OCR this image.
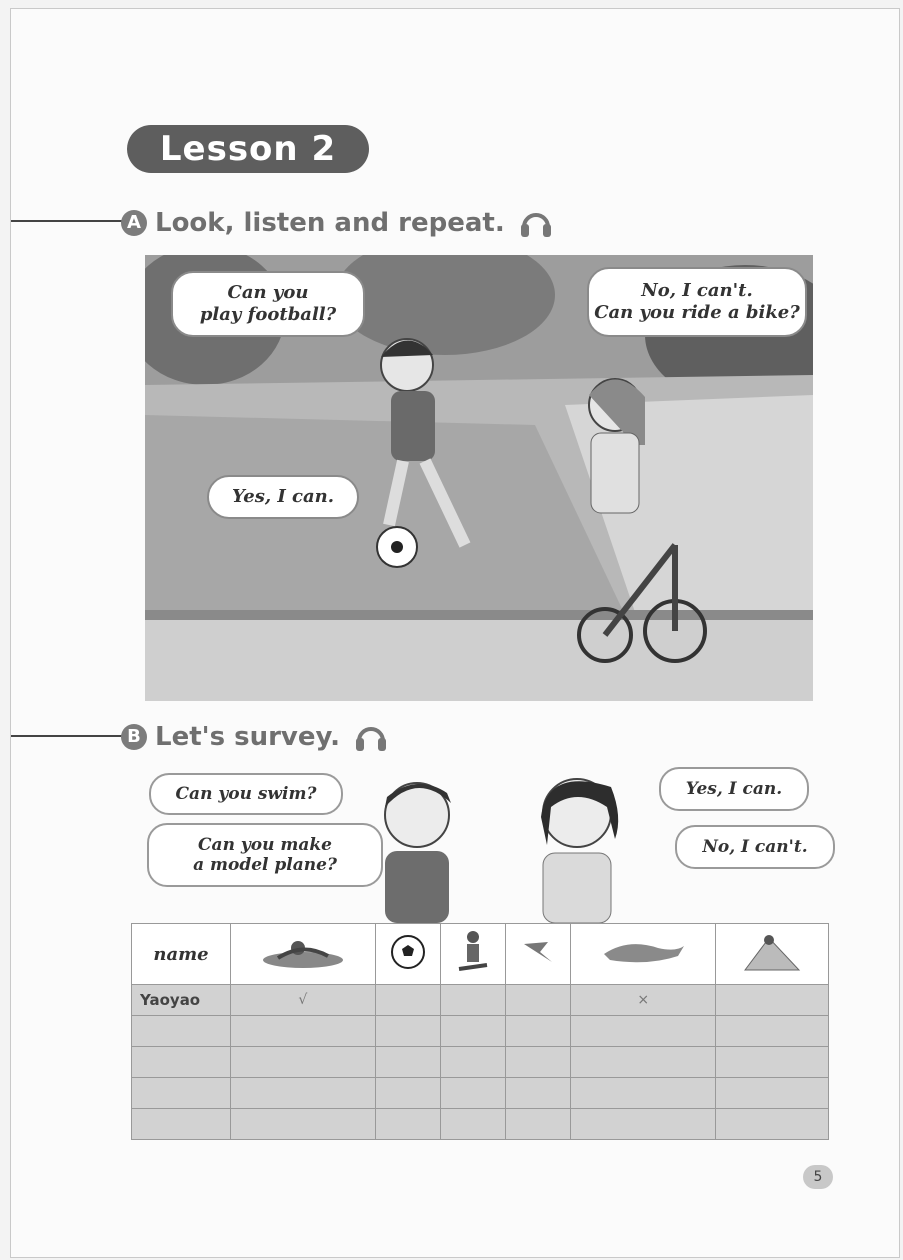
Lesson 2
A Look, listen and repeat.
Can you
play football?
Yes, I can.
No, I can't.
Can you ride a bike?
B Let's survey.
Can you swim?
Can you make
a model plane?
Yes, I can.
No, I can't.
name						
Yaoyao	√				×	

5
